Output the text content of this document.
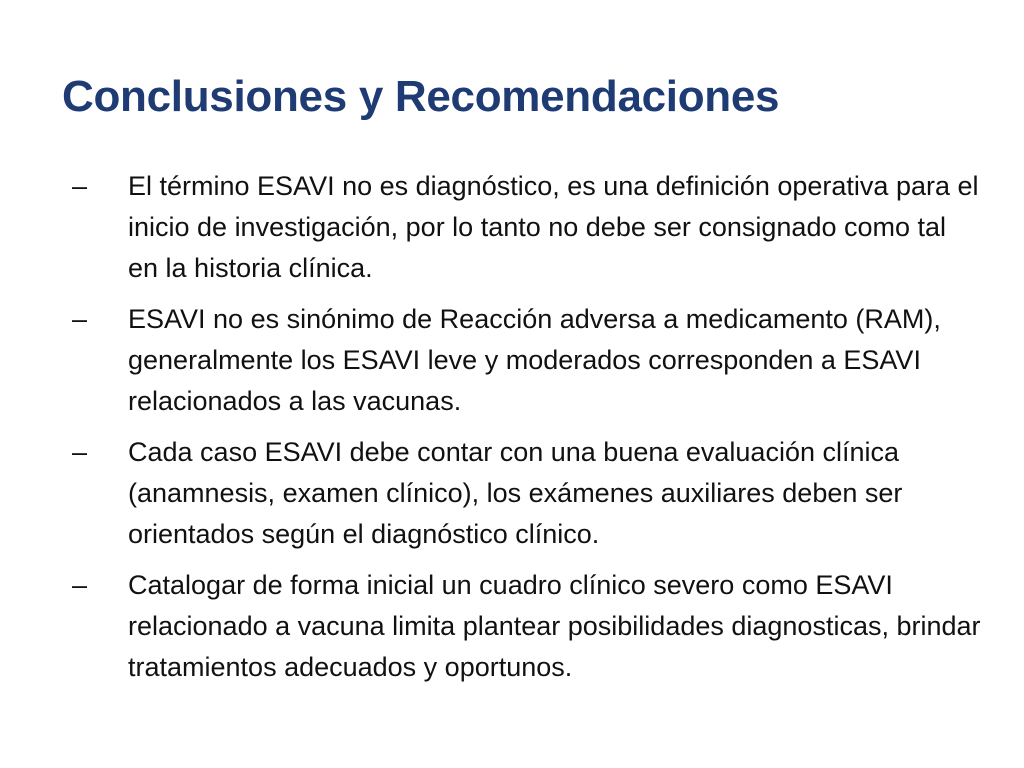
Conclusiones y Recomendaciones
–	El término ESAVI no es diagnóstico, es una definición operativa para el inicio de investigación, por lo tanto no debe ser consignado como tal en la historia clínica.
–	ESAVI no es sinónimo de Reacción adversa a medicamento (RAM), generalmente los ESAVI leve y moderados corresponden a ESAVI relacionados a las vacunas.
–	Cada caso ESAVI debe contar con una buena evaluación clínica (anamnesis, examen clínico), los exámenes auxiliares deben ser orientados según el diagnóstico clínico.
–	Catalogar de forma inicial un cuadro clínico severo como ESAVI relacionado a vacuna limita plantear posibilidades diagnosticas, brindar tratamientos adecuados y oportunos.
